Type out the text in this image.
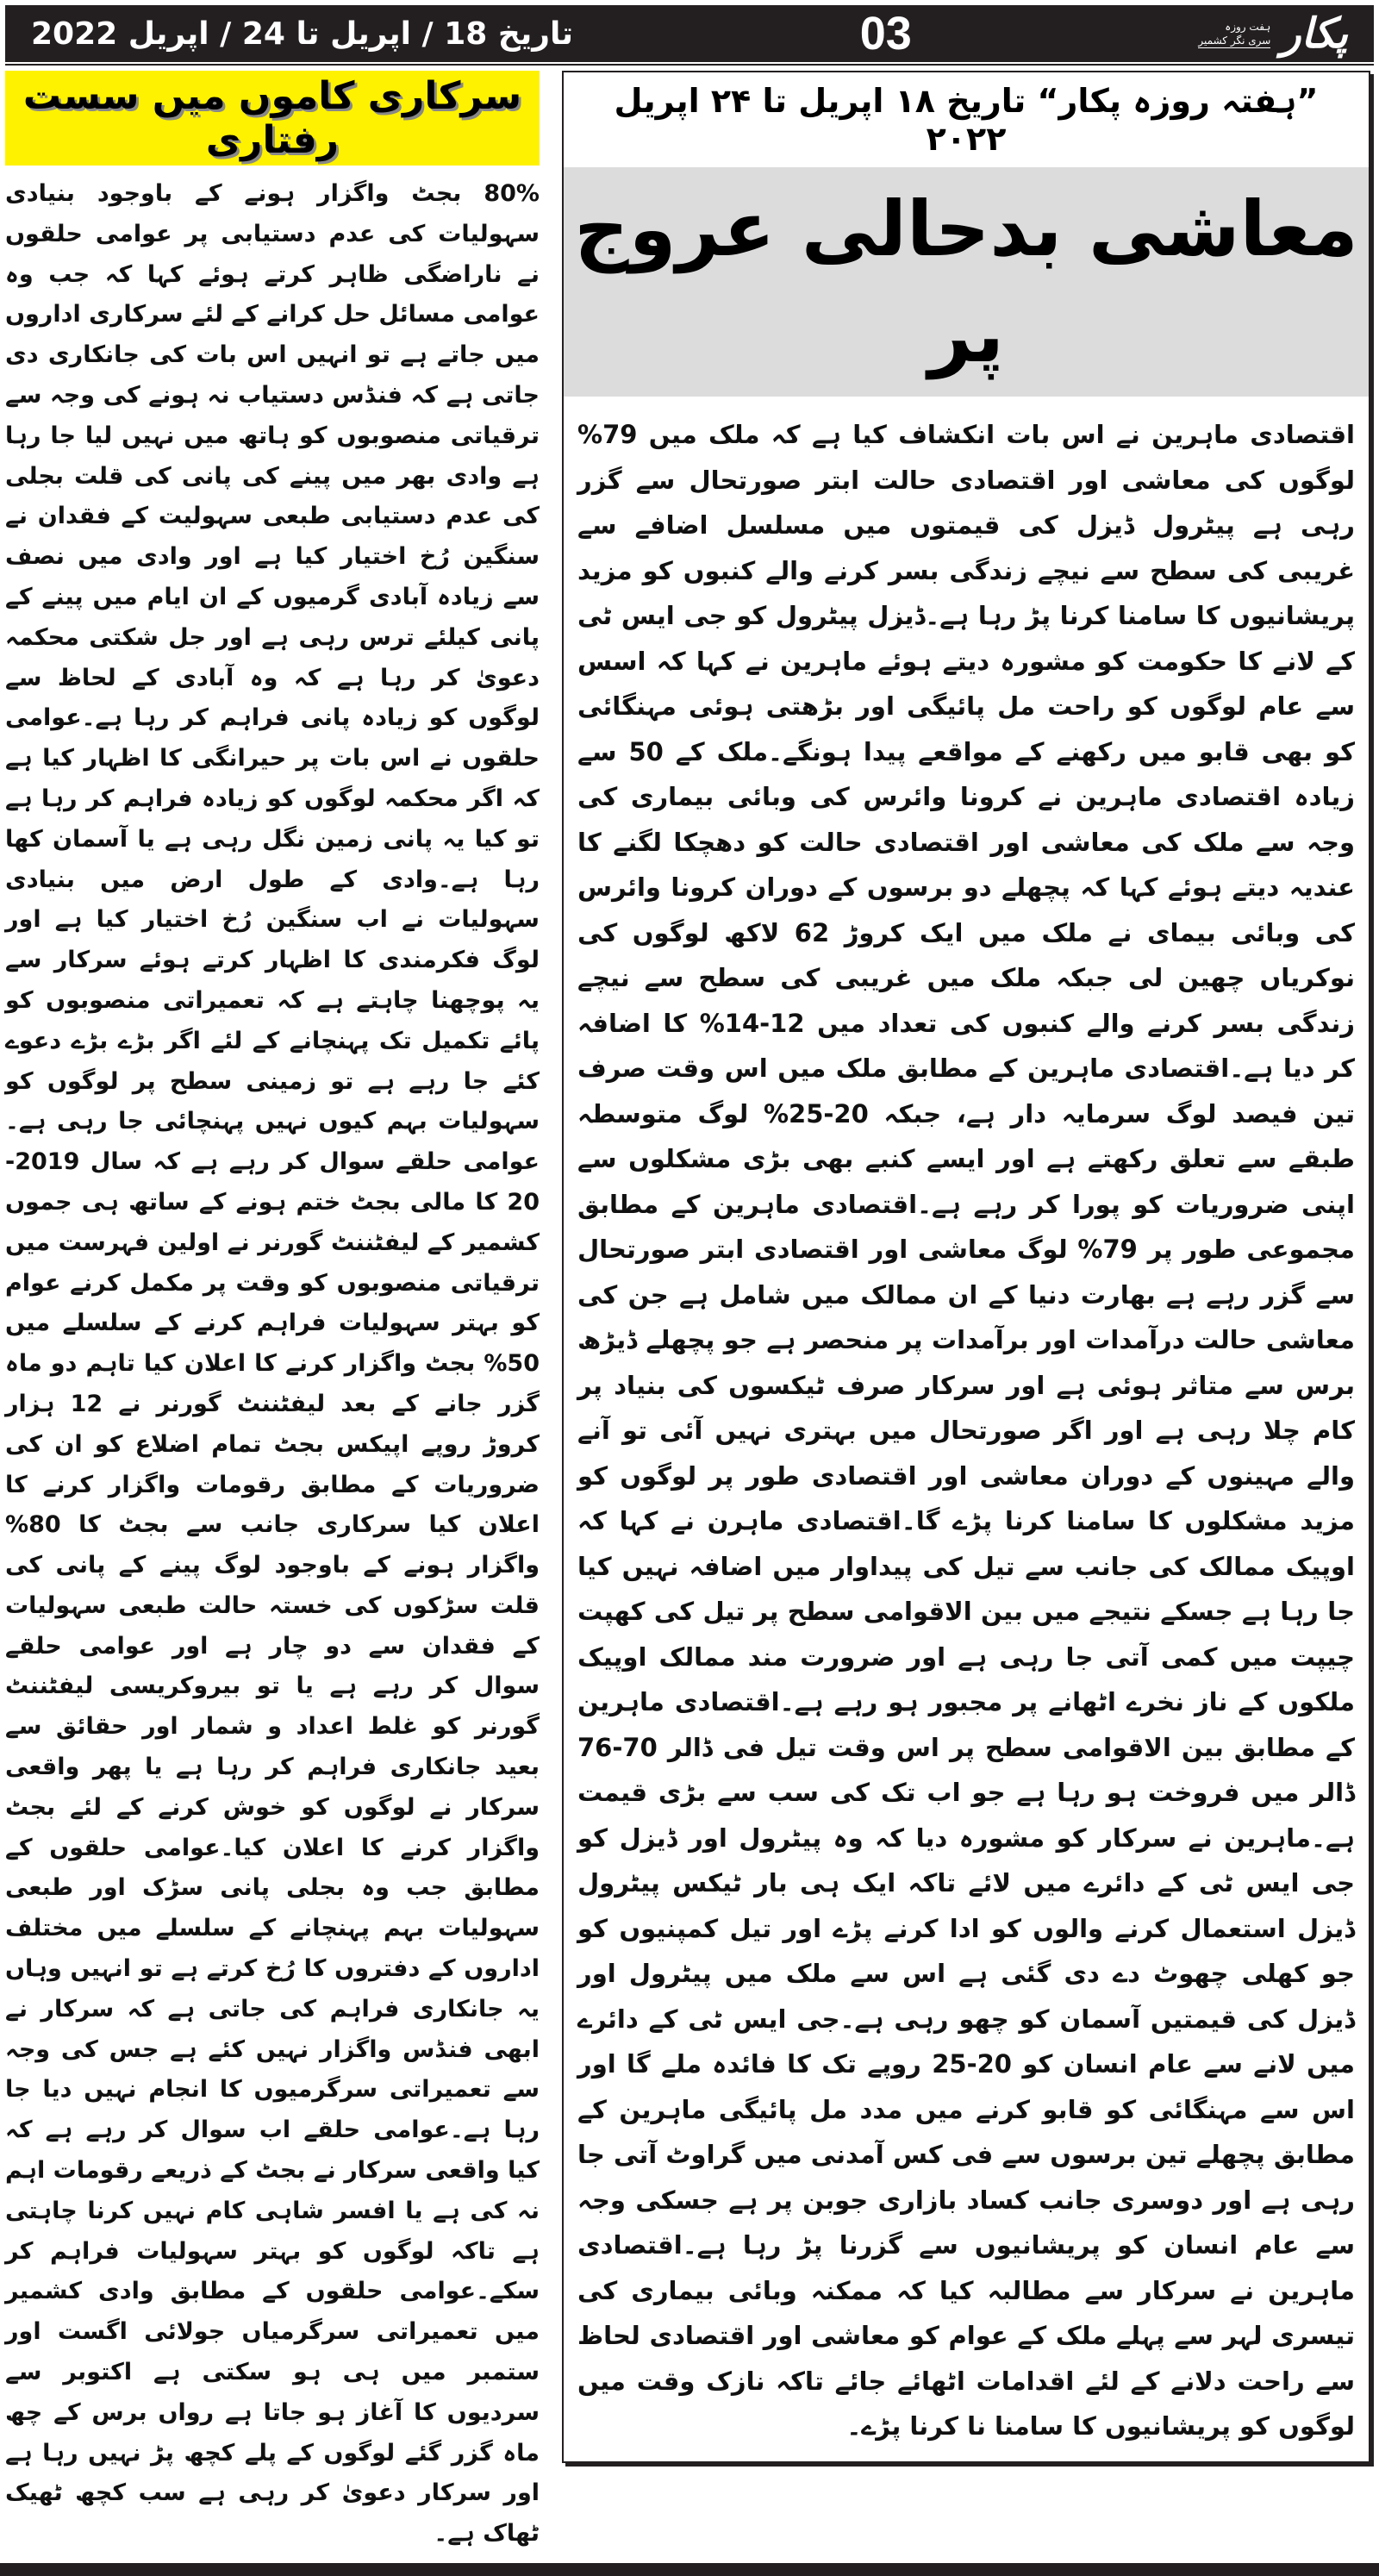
تاریخ 18 / اپریل تا 24 / اپریل 2022	03	پکار
ہفت روزہ
سری نگر کشمیر
سرکاری کاموں میں سست رفتاری
80% بجٹ واگزار ہونے کے باوجود بنیادی سہولیات کی عدم دستیابی پر عوامی حلقوں نے ناراضگی ظاہر کرتے ہوئے کہا کہ جب وہ عوامی مسائل حل کرانے کے لئے سرکاری اداروں میں جاتے ہے تو انہیں اس بات کی جانکاری دی جاتی ہے کہ فنڈس دستیاب نہ ہونے کی وجہ سے ترقیاتی منصوبوں کو ہاتھ میں نہیں لیا جا رہا ہے وادی بھر میں پینے کی پانی کی قلت بجلی کی عدم دستیابی طبعی سہولیت کے فقدان نے سنگین رُخ اختیار کیا ہے اور وادی میں نصف سے زیادہ آبادی گرمیوں کے ان ایام میں پینے کے پانی کیلئے ترس رہی ہے اور جل شکتی محکمہ دعویٰ کر رہا ہے کہ وہ آبادی کے لحاظ سے لوگوں کو زیادہ پانی فراہم کر رہا ہے۔عوامی حلقوں نے اس بات پر حیرانگی کا اظہار کیا ہے کہ اگر محکمہ لوگوں کو زیادہ فراہم کر رہا ہے تو کیا یہ پانی زمین نگل رہی ہے یا آسمان کھا رہا ہے۔وادی کے طول ارض میں بنیادی سہولیات نے اب سنگین رُخ اختیار کیا ہے اور لوگ فکرمندی کا اظہار کرتے ہوئے سرکار سے یہ پوچھنا چاہتے ہے کہ تعمیراتی منصوبوں کو پائے تکمیل تک پہنچانے کے لئے اگر بڑے بڑے دعوے کئے جا رہے ہے تو زمینی سطح پر لوگوں کو سہولیات بہم کیوں نہیں پہنچائی جا رہی ہے۔عوامی حلقے سوال کر رہے ہے کہ سال 2019-20 کا مالی بجٹ ختم ہونے کے ساتھ ہی جموں کشمیر کے لیفٹننٹ گورنر نے اولین فہرست میں ترقیاتی منصوبوں کو وقت پر مکمل کرنے عوام کو بہتر سہولیات فراہم کرنے کے سلسلے میں 50% بجٹ واگزار کرنے کا اعلان کیا تاہم دو ماہ گزر جانے کے بعد لیفٹننٹ گورنر نے 12 ہزار کروڑ روپے اپیکس بجٹ تمام اضلاع کو ان کی ضروریات کے مطابق رقومات واگزار کرنے کا اعلان کیا سرکاری جانب سے بجٹ کا 80% واگزار ہونے کے باوجود لوگ پینے کے پانی کی قلت سڑکوں کی خستہ حالت طبعی سہولیات کے فقدان سے دو چار ہے اور عوامی حلقے سوال کر رہے ہے یا تو بیروکریسی لیفٹننٹ گورنر کو غلط اعداد و شمار اور حقائق سے بعید جانکاری فراہم کر رہا ہے یا پھر واقعی سرکار نے لوگوں کو خوش کرنے کے لئے بجٹ واگزار کرنے کا اعلان کیا۔عوامی حلقوں کے مطابق جب وہ بجلی پانی سڑک اور طبعی سہولیات بہم پہنچانے کے سلسلے میں مختلف اداروں کے دفتروں کا رُخ کرتے ہے تو انہیں وہاں یہ جانکاری فراہم کی جاتی ہے کہ سرکار نے ابھی فنڈس واگزار نہیں کئے ہے جس کی وجہ سے تعمیراتی سرگرمیوں کا انجام نہیں دیا جا رہا ہے۔عوامی حلقے اب سوال کر رہے ہے کہ کیا واقعی سرکار نے بجٹ کے ذریعے رقومات اہم نہ کی ہے یا افسر شاہی کام نہیں کرنا چاہتی ہے تاکہ لوگوں کو بہتر سہولیات فراہم کر سکے۔عوامی حلقوں کے مطابق وادی کشمیر میں تعمیراتی سرگرمیاں جولائی اگست اور ستمبر میں ہی ہو سکتی ہے اکتوبر سے سردیوں کا آغاز ہو جاتا ہے رواں برس کے چھ ماہ گزر گئے لوگوں کے پلے کچھ پڑ نہیں رہا ہے اور سرکار دعویٰ کر رہی ہے سب کچھ ٹھیک ٹھاک ہے۔
”ہفتہ روزہ پکار“ تاریخ ۱۸ اپریل تا ۲۴ اپریل ۲۰۲۲
معاشی بدحالی عروج پر
اقتصادی ماہرین نے اس بات انکشاف کیا ہے کہ ملک میں 79% لوگوں کی معاشی اور اقتصادی حالت ابتر صورتحال سے گزر رہی ہے پیٹرول ڈیزل کی قیمتوں میں مسلسل اضافے سے غریبی کی سطح سے نیچے زندگی بسر کرنے والے کنبوں کو مزید پریشانیوں کا سامنا کرنا پڑ رہا ہے۔ڈیزل پیٹرول کو جی ایس ٹی کے لانے کا حکومت کو مشورہ دیتے ہوئے ماہرین نے کہا کہ اسس سے عام لوگوں کو راحت مل پائیگی اور بڑھتی ہوئی مہنگائی کو بھی قابو میں رکھنے کے مواقعے پیدا ہونگے۔ملک کے 50 سے زیادہ اقتصادی ماہرین نے کرونا وائرس کی وبائی بیماری کی وجہ سے ملک کی معاشی اور اقتصادی حالت کو دھچکا لگنے کا عندیہ دیتے ہوئے کہا کہ پچھلے دو برسوں کے دوران کرونا وائرس کی وبائی بیمای نے ملک میں ایک کروڑ 62 لاکھ لوگوں کی نوکریاں چھین لی جبکہ ملک میں غریبی کی سطح سے نیچے زندگی بسر کرنے والے کنبوں کی تعداد میں 12-14% کا اضافہ کر دیا ہے۔اقتصادی ماہرین کے مطابق ملک میں اس وقت صرف تین فیصد لوگ سرمایہ دار ہے، جبکہ 20-25% لوگ متوسطہ طبقے سے تعلق رکھتے ہے اور ایسے کنبے بھی بڑی مشکلوں سے اپنی ضروریات کو پورا کر رہے ہے۔اقتصادی ماہرین کے مطابق مجموعی طور پر 79% لوگ معاشی اور اقتصادی ابتر صورتحال سے گزر رہے ہے بھارت دنیا کے ان ممالک میں شامل ہے جن کی معاشی حالت درآمدات اور برآمدات پر منحصر ہے جو پچھلے ڈیڑھ برس سے متاثر ہوئی ہے اور سرکار صرف ٹیکسوں کی بنیاد پر کام چلا رہی ہے اور اگر صورتحال میں بہتری نہیں آئی تو آنے والے مہینوں کے دوران معاشی اور اقتصادی طور پر لوگوں کو مزید مشکلوں کا سامنا کرنا پڑے گا۔اقتصادی ماہرن نے کہا کہ اوپیک ممالک کی جانب سے تیل کی پیداوار میں اضافہ نہیں کیا جا رہا ہے جسکے نتیجے میں بین الاقوامی سطح پر تیل کی کھپت چیپت میں کمی آتی جا رہی ہے اور ضرورت مند ممالک اوپیک ملکوں کے ناز نخرے اٹھانے پر مجبور ہو رہے ہے۔اقتصادی ماہرین کے مطابق بین الاقوامی سطح پر اس وقت تیل فی ڈالر 70-76 ڈالر میں فروخت ہو رہا ہے جو اب تک کی سب سے بڑی قیمت ہے۔ماہرین نے سرکار کو مشورہ دیا کہ وہ پیٹرول اور ڈیزل کو جی ایس ٹی کے دائرے میں لائے تاکہ ایک ہی بار ٹیکس پیٹرول ڈیزل استعمال کرنے والوں کو ادا کرنے پڑے اور تیل کمپنیوں کو جو کھلی چھوٹ دے دی گئی ہے اس سے ملک میں پیٹرول اور ڈیزل کی قیمتیں آسمان کو چھو رہی ہے۔جی ایس ٹی کے دائرے میں لانے سے عام انسان کو 20-25 روپے تک کا فائدہ ملے گا اور اس سے مہنگائی کو قابو کرنے میں مدد مل پائیگی ماہرین کے مطابق پچھلے تین برسوں سے فی کس آمدنی میں گراوٹ آتی جا رہی ہے اور دوسری جانب کساد بازاری جوبن پر ہے جسکی وجہ سے عام انسان کو پریشانیوں سے گزرنا پڑ رہا ہے۔اقتصادی ماہرین نے سرکار سے مطالبہ کیا کہ ممکنہ وبائی بیماری کی تیسری لہر سے پہلے ملک کے عوام کو معاشی اور اقتصادی لحاظ سے راحت دلانے کے لئے اقدامات اٹھائے جائے تاکہ نازک وقت میں لوگوں کو پریشانیوں کا سامنا نا کرنا پڑے۔
